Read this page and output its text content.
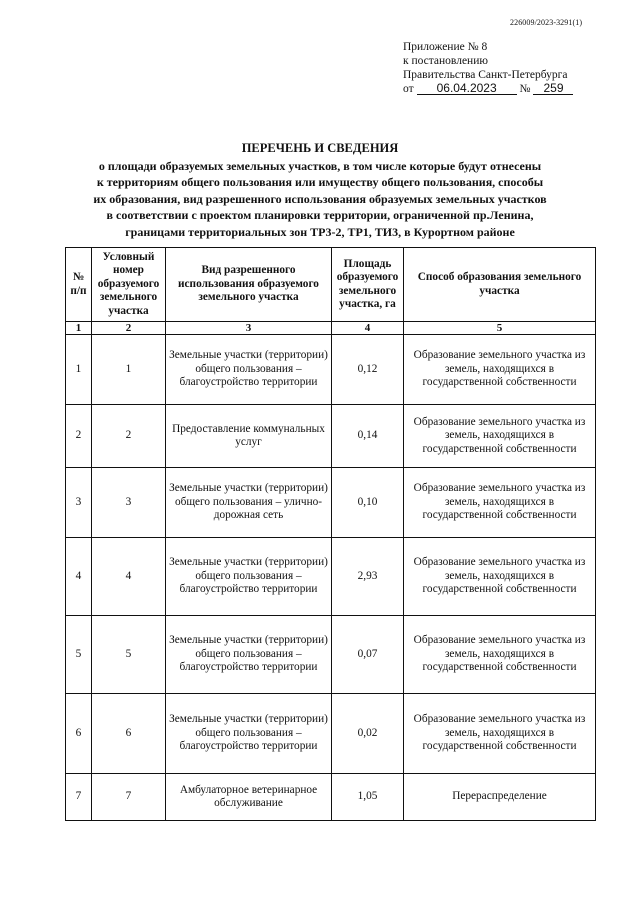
226009/2023-3291(1)
Приложение № 8
к постановлению
Правительства Санкт-Петербурга
от 06.04.2023 № 259
ПЕРЕЧЕНЬ И СВЕДЕНИЯ
о площади образуемых земельных участков, в том числе которые будут отнесены
к территориям общего пользования или имуществу общего пользования, способы
их образования, вид разрешенного использования образуемых земельных участков
в соответствии с проектом планировки территории, ограниченной пр.Ленина,
границами территориальных зон ТР3-2, ТР1, ТИ3, в Курортном районе
№ п/п	Условный номер образуемого земельного участка	Вид разрешенного использования образуемого земельного участка	Площадь образуемого земельного участка, га	Способ образования земельного участка
1	2	3	4	5
1	1	Земельные участки (территории) общего пользования – благоустройство территории	0,12	Образование земельного участка из земель, находящихся в государственной собственности
2	2	Предоставление коммунальных услуг	0,14	Образование земельного участка из земель, находящихся в государственной собственности
3	3	Земельные участки (территории) общего пользования – улично-дорожная сеть	0,10	Образование земельного участка из земель, находящихся в государственной собственности
4	4	Земельные участки (территории) общего пользования – благоустройство территории	2,93	Образование земельного участка из земель, находящихся в государственной собственности
5	5	Земельные участки (территории) общего пользования – благоустройство территории	0,07	Образование земельного участка из земель, находящихся в государственной собственности
6	6	Земельные участки (территории) общего пользования – благоустройство территории	0,02	Образование земельного участка из земель, находящихся в государственной собственности
7	7	Амбулаторное ветеринарное обслуживание	1,05	Перераспределение
